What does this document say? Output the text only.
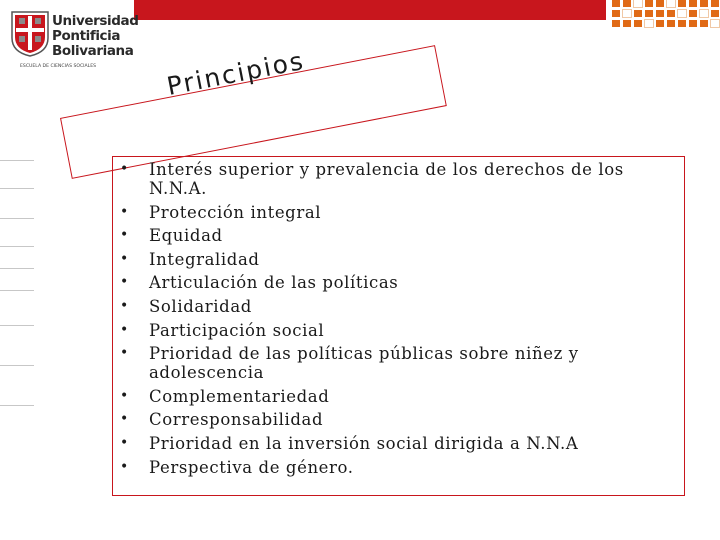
Universidad
Pontificia
Bolivariana
ESCUELA DE CIENCIAS SOCIALES	Principios
• Interés superior y prevalencia de los derechos de los N.N.A.
• Protección integral
• Equidad
• Integralidad
• Articulación de las políticas
• Solidaridad
• Participación social
• Prioridad de las políticas públicas sobre niñez y adolescencia
• Complementariedad
• Corresponsabilidad
• Prioridad en la inversión social dirigida a N.N.A
• Perspectiva de género.
